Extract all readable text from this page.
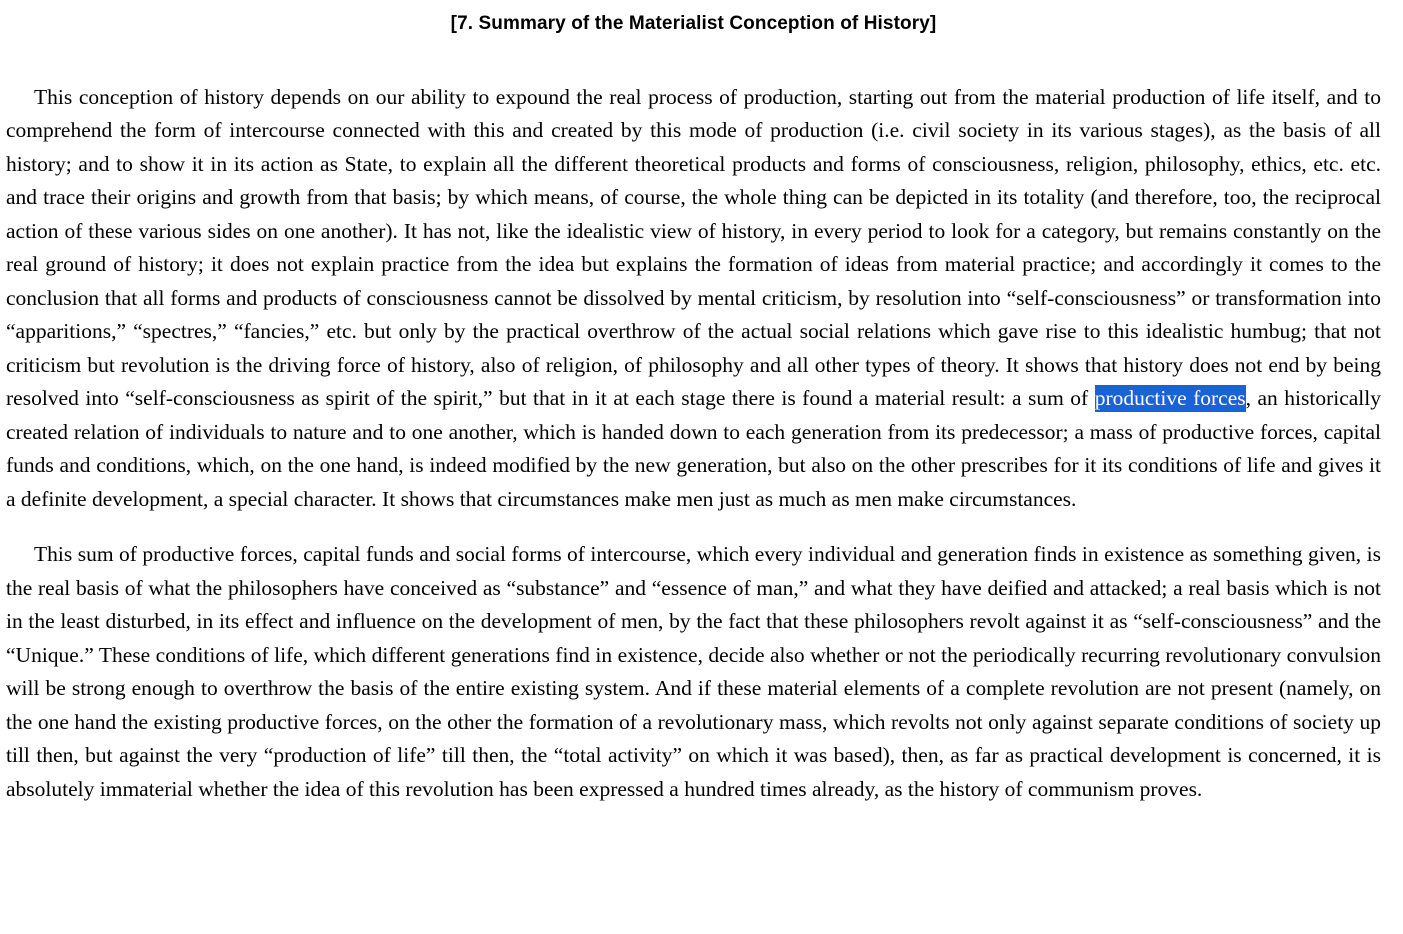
[7. Summary of the Materialist Conception of History]

This conception of history depends on our ability to expound the real process of production, starting out from the material production of life itself, and to comprehend the form of intercourse connected with this and created by this mode of production (i.e. civil society in its various stages), as the basis of all history; and to show it in its action as State, to explain all the different theoretical products and forms of consciousness, religion, philosophy, ethics, etc. etc. and trace their origins and growth from that basis; by which means, of course, the whole thing can be depicted in its totality (and therefore, too, the reciprocal action of these various sides on one another). It has not, like the idealistic view of history, in every period to look for a category, but remains constantly on the real ground of history; it does not explain practice from the idea but explains the formation of ideas from material practice; and accordingly it comes to the conclusion that all forms and products of consciousness cannot be dissolved by mental criticism, by resolution into “self-consciousness” or transformation into “apparitions,” “spectres,” “fancies,” etc. but only by the practical overthrow of the actual social relations which gave rise to this idealistic humbug; that not criticism but revolution is the driving force of history, also of religion, of philosophy and all other types of theory. It shows that history does not end by being resolved into “self-consciousness as spirit of the spirit,” but that in it at each stage there is found a material result: a sum of productive forces, an historically created relation of individuals to nature and to one another, which is handed down to each generation from its predecessor; a mass of productive forces, capital funds and conditions, which, on the one hand, is indeed modified by the new generation, but also on the other prescribes for it its conditions of life and gives it a definite development, a special character. It shows that circumstances make men just as much as men make circumstances.

This sum of productive forces, capital funds and social forms of intercourse, which every individual and generation finds in existence as something given, is the real basis of what the philosophers have conceived as “substance” and “essence of man,” and what they have deified and attacked; a real basis which is not in the least disturbed, in its effect and influence on the development of men, by the fact that these philosophers revolt against it as “self-consciousness” and the “Unique.” These conditions of life, which different generations find in existence, decide also whether or not the periodically recurring revolutionary convulsion will be strong enough to overthrow the basis of the entire existing system. And if these material elements of a complete revolution are not present (namely, on the one hand the existing productive forces, on the other the formation of a revolutionary mass, which revolts not only against separate conditions of society up till then, but against the very “production of life” till then, the “total activity” on which it was based), then, as far as practical development is concerned, it is absolutely immaterial whether the idea of this revolution has been expressed a hundred times already, as the history of communism proves.
